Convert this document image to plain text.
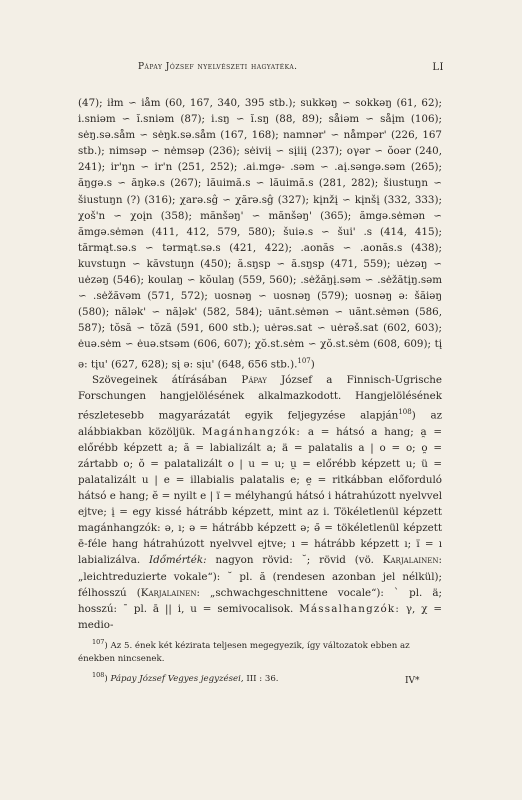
Pápay József nyelvészeti hagyatéka.	LI

(47); iłm ∽ iåm (60, 167, 340, 395 stb.); sukkəŋ ∽ sokkəŋ (61, 62); i.sniəm ∽ ĭ.sniəm (87); i.sŋ ∽ ĭ.sŋ (88, 89); såiəm ∽ såįm (106); sėŋ.sə.såm ∽ sėŋk.sə.såm (167, 168); namnər' ∽ nåmpər' (226, 167 stb.); nimsəp ∽ nėmsəp (236); sėiviį ∽ sįiiį (237); oγər ∽ ŏoər (240, 241); ir'ŋn ∽ ir'n (251, 252); .ai.mgə- .səm ∽ .aį.səngə.səm (265); ăŋgə.s ∽ ăŋkə.s (267); lăuimă.s ∽ lăuimă.s (281, 282); šiustuŋn ∽ šiustuŋn (?) (316); χarə.sĝ ∽ χărə.sĝ (327); kįnžį ∽ kįnšį (332, 333); χoš'n ∽ χoįn (358); mănšəŋ' ∽ mănšəŋ' (365); ămgə.sėmən ∽ ămgə.sėmən (411, 412, 579, 580); šuiə.s ∽ šui' .s (414, 415); tărmąt.sə.s ∽ tərmąt.sə.s (421, 422); .aonăs ∽ .aonăs.s (438); kuvstuŋn ∽ kăvstuŋn (450); ă.sŋsp ∽ ă.sŋsp (471, 559); uėzəŋ ∽ uėzəŋ (546); koulaŋ ∽ kŏulaŋ (559, 560); .sėžăŋį.səm ∽ .sėžătįŋ.səm ∽ .sėžăvəm (571, 572); uosnəŋ ∽ uosnəŋ (579); uosnəŋ ə: šăiəŋ (580); nălək' ∽ năļək' (582, 584); uănt.sėmən ∽ uănt.sėmən (586, 587); tŏsă ∽ tŏză (591, 600 stb.); uėrəs.sat ∽ uėrəš.sat (602, 603); ėuə.sėm ∽ ėuə.stsəm (606, 607); χŏ.st.sėm ∽ χŏ.st.sėm (608, 609); tį ə: tįu' (627, 628); sį ə: sįu' (648, 656 stb.).$^{107}$)

Szövegeinek átírásában Pápay József a Finnisch-Ugrische Forschungen hangjelölésének alkalmazkodott. Hangjelölésének részletesebb magyarázatát egyik feljegyzése alapján$^{108}$) az alábbiakban közöljük. Magánhangzók: a = hátsó a hang; a̯ = előrébb képzett a; ă = labializált a; ä = palatalis a | o = o; o̯ = zártabb o; ŏ = palatalizált o | u = u; u̯ = előrébb képzett u; ü = palatalizált u | e = illabialis palatalis e; e̯ = ritkábban előforduló hátsó e hang; ĕ = nyilt e | ï = mélyhangú hátsó i hátrahúzott nyelvvel ejtve; į = egy kissé hátrább képzett, mint az i. Tökéletlenül képzett magánhangzók: ə, ı; ə = hátrább képzett ə; ǝ̄ = tökéletlenül képzett ē-féle hang hátrahúzott nyelvvel ejtve; ı = hátrább képzett ı; ı̈ = ı labializálva. Időmérték: nagyon rövid: ˘; rövid (vö. Karjalainen: „leichtreduzierte vokale“): ˘ pl. ă (rendesen azonban jel nélkül); félhosszú (Karjalainen: „schwachgeschnittene vocale“): ` pl. ä; hosszú: ¯ pl. ā || i, u = semivocalisok. Mássalhangzók: γ, χ = medio-

$^{107}$) Az 5. ének két kézirata teljesen megegyezik, így változatok ebben az énekben nincsenek.

$^{108}$) Pápay József Vegyes jegyzései, III : 36.	IV*
